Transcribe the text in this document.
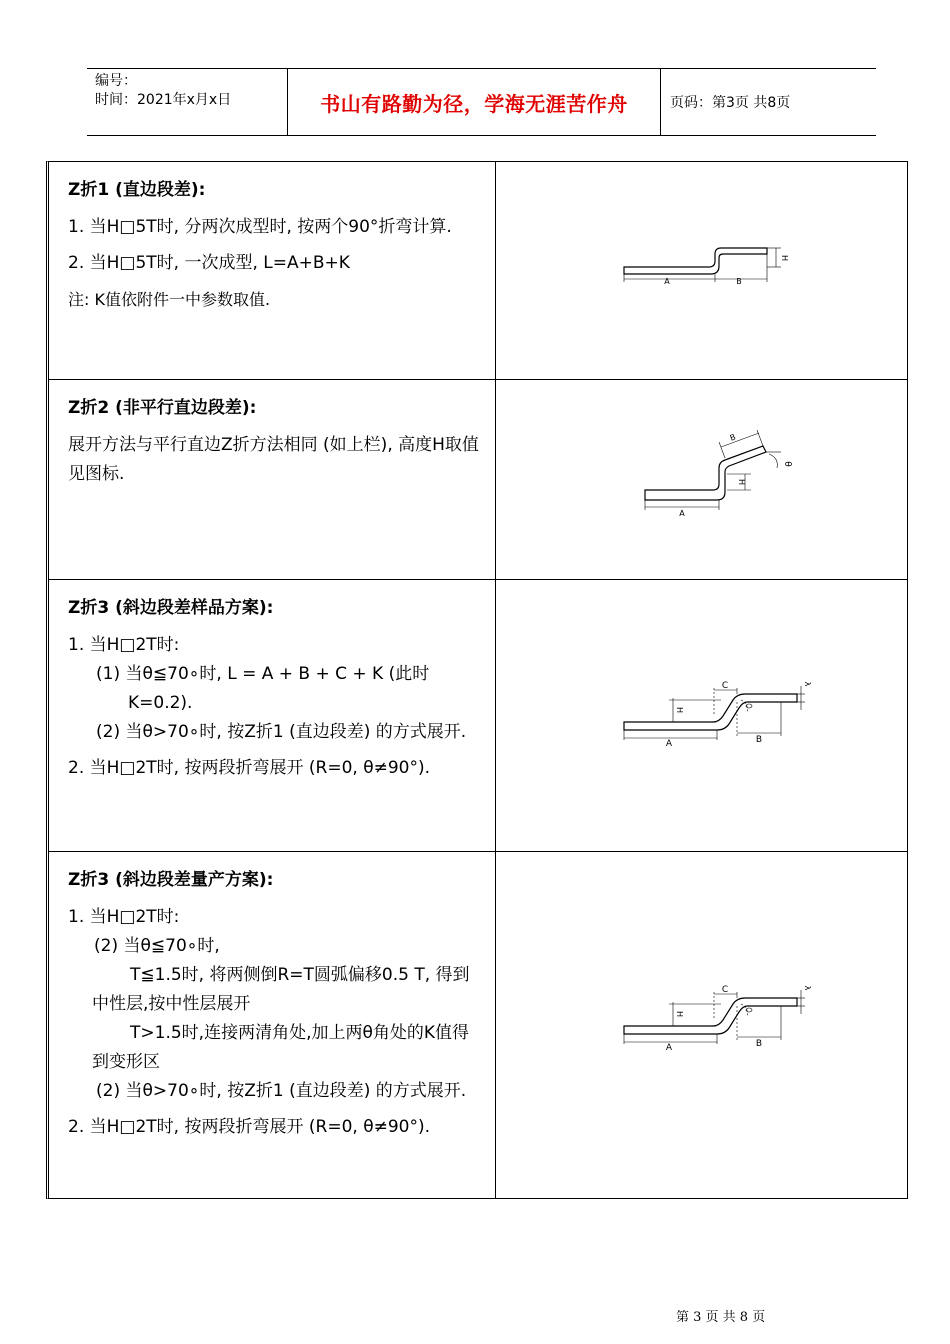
编号：
时间：2021年x月x日	书山有路勤为径，学海无涯苦作舟	页码：第3页 共8页
Z折1 (直边段差):
1. 当H□5T时, 分两次成型时, 按两个90°折弯计算.
2. 当H□5T时, 一次成型, L=A+B+K
注: K值依附件一中参数取值.
A	B
H
Z折2 (非平行直边段差):
展开方法与平行直边Z折方法相同 (如上栏), 高度H取值见图标.
A
B
H
θ
Z折3 (斜边段差样品方案):
1. 当H□2T时:
(1) 当θ≦70∘时, L = A + B + C + K (此时K=0.2).
(2) 当θ>70∘时, 按Z折1 (直边段差) 的方式展开.
2. 当H□2T时, 按两段折弯展开 (R=0, θ≠90°).
A	B
C
H
λ
Z折3 (斜边段差量产方案):
1. 当H□2T时:
(2) 当θ≦70∘时,
T≦1.5时, 将两侧倒R=T圆弧偏移0.5 T, 得到中性层,按中性层展开
T>1.5时,连接两清角处,加上两θ角处的K值得到变形区
(2) 当θ>70∘时, 按Z折1 (直边段差) 的方式展开.
2. 当H□2T时, 按两段折弯展开 (R=0, θ≠90°).
A	B
C
H
λ
第 3 页 共 8 页
